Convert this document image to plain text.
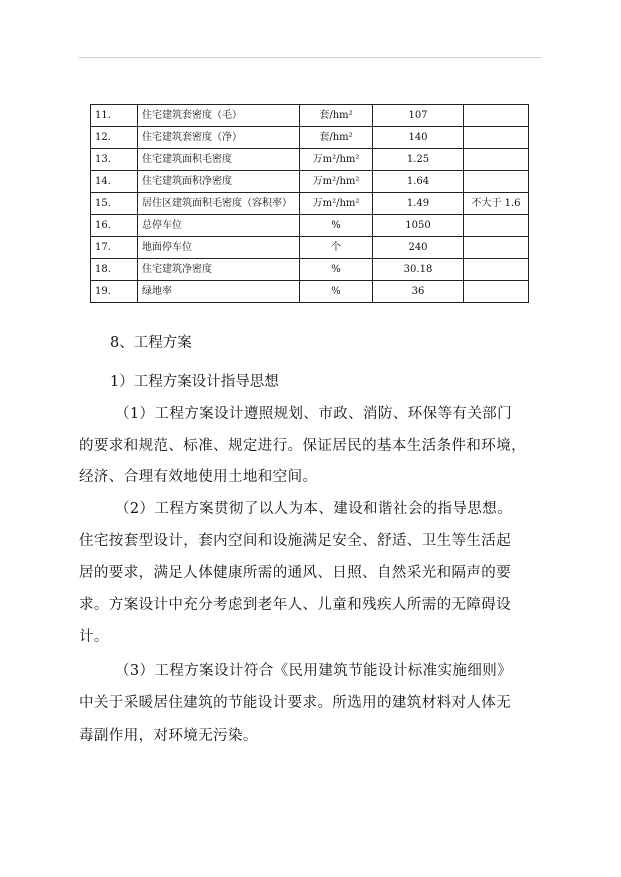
11.	住宅建筑套密度（毛）	套/hm²	107	
12.	住宅建筑套密度（净）	套/hm²	140	
13.	住宅建筑面积毛密度	万m²/hm²	1.25	
14.	住宅建筑面积净密度	万m²/hm²	1.64	
15.	居住区建筑面积毛密度（容积率）	万m²/hm²	1.49	不大于 1.6
16.	总停车位	%	1050	
17.	地面停车位	个	240	
18.	住宅建筑净密度	%	30.18	
19.	绿地率	%	36	
8、工程方案
1）工程方案设计指导思想
（1）工程方案设计遵照规划、市政、消防、环保等有关部门
的要求和规范、标准、规定进行。保证居民的基本生活条件和环境，
经济、合理有效地使用土地和空间。
（2）工程方案贯彻了以人为本、建设和谐社会的指导思想。
住宅按套型设计，套内空间和设施满足安全、舒适、卫生等生活起
居的要求，满足人体健康所需的通风、日照、自然采光和隔声的要
求。方案设计中充分考虑到老年人、儿童和残疾人所需的无障碍设
计。
（3）工程方案设计符合《民用建筑节能设计标准实施细则》
中关于采暖居住建筑的节能设计要求。所选用的建筑材料对人体无
毒副作用，对环境无污染。
